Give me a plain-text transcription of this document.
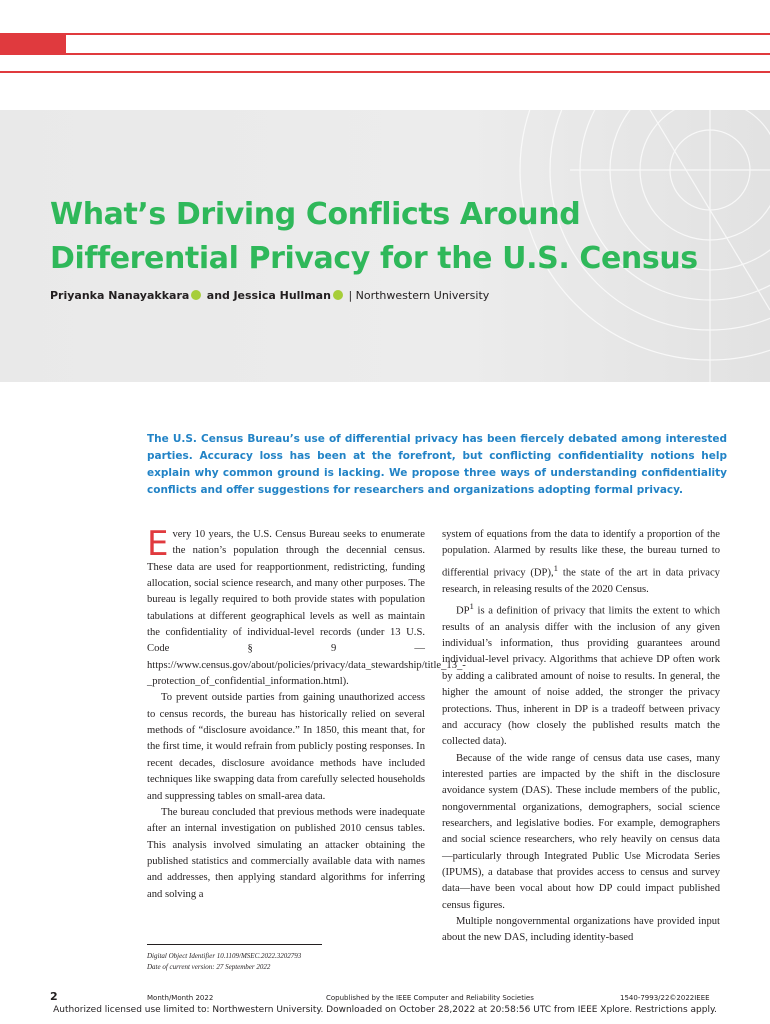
What’s Driving Conflicts Around Differential Privacy for the U.S. Census
Priyanka Nanayakkara and Jessica Hullman | Northwestern University

The U.S. Census Bureau’s use of differential privacy has been fiercely debated among interested parties. Accuracy loss has been at the forefront, but conflicting confidentiality notions help explain why common ground is lacking. We propose three ways of understanding confidentiality conflicts and offer suggestions for researchers and organizations adopting formal privacy.

Every 10 years, the U.S. Census Bureau seeks to enumerate the nation’s population through the decennial census. These data are used for reapportionment, redistricting, funding allocation, social science research, and many other purposes. The bureau is legally required to both provide states with population tabulations at different geographical levels as well as maintain the confidentiality of individual-level records (under 13 U.S. Code § 9 —https://www.census.gov/about/policies/privacy/data_stewardship/title_13_-_protection_of_confidential_information.html).

To prevent outside parties from gaining unauthorized access to census records, the bureau has historically relied on several methods of “disclosure avoidance.” In 1850, this meant that, for the first time, it would refrain from publicly posting responses. In recent decades, disclosure avoidance methods have included techniques like swapping data from carefully selected households and suppressing tables on small-area data.

The bureau concluded that previous methods were inadequate after an internal investigation on published 2010 census tables. This analysis involved simulating an attacker obtaining the published statistics and commercially available data with names and addresses, then applying standard algorithms for inferring and solving a

system of equations from the data to identify a proportion of the population. Alarmed by results like these, the bureau turned to differential privacy (DP),$^1$ the state of the art in data privacy research, in releasing results of the 2020 Census.

$DP^1$ is a definition of privacy that limits the extent to which results of an analysis differ with the inclusion of any given individual’s information, thus providing guarantees around individual-level privacy. Algorithms that achieve DP often work by adding a calibrated amount of noise to results. In general, the higher the amount of noise added, the stronger the privacy protections. Thus, inherent in DP is a tradeoff between privacy and accuracy (how closely the published results match the collected data).

Because of the wide range of census data use cases, many interested parties are impacted by the shift in the disclosure avoidance system (DAS). These include members of the public, nongovernmental organizations, demographers, social science researchers, and legislative bodies. For example, demographers and social science researchers, who rely heavily on census data—particularly through Integrated Public Use Microdata Series (IPUMS), a database that provides access to census and survey data—have been vocal about how DP could impact published census figures.

Multiple nongovernmental organizations have provided input about the new DAS, including identity-based

Digital Object Identifier 10.1109/MSEC.2022.3202793
Date of current version: 27 September 2022
2	Month/Month 2022	Copublished by the IEEE Computer and Reliability Societies	1540-7993/22©2022IEEE
Authorized licensed use limited to: Northwestern University. Downloaded on October 28,2022 at 20:58:56 UTC from IEEE Xplore. Restrictions apply.
